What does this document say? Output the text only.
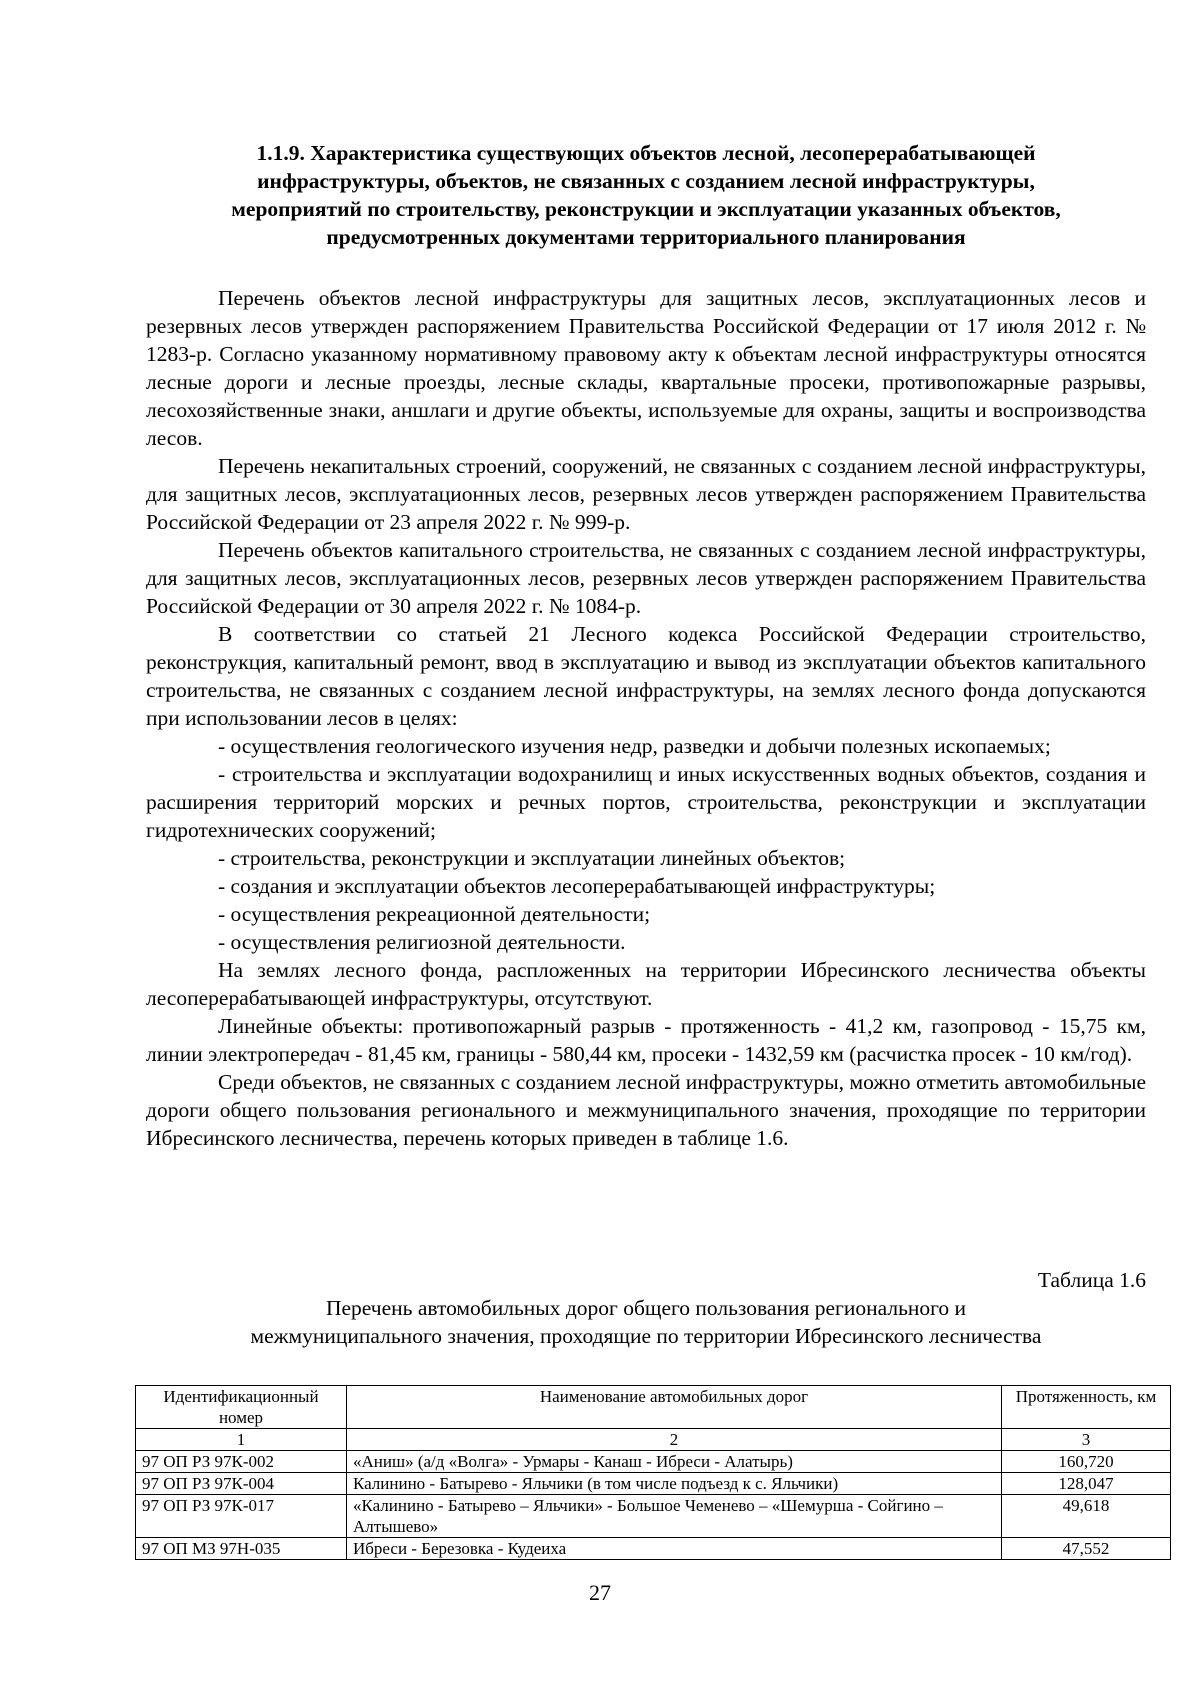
1.1.9. Характеристика существующих объектов лесной, лесоперерабатывающей

инфраструктуры, объектов, не связанных с созданием лесной инфраструктуры,

мероприятий по строительству, реконструкции и эксплуатации указанных объектов,

предусмотренных документами территориального планирования

Перечень объектов лесной инфраструктуры для защитных лесов, эксплуатационных лесов и резервных лесов утвержден распоряжением Правительства Российской Федерации от 17 июля 2012 г. № 1283-р. Согласно указанному нормативному правовому акту к объектам лесной инфраструктуры относятся лесные дороги и лесные проезды, лесные склады, квартальные просеки, противопожарные разрывы, лесохозяйственные знаки, аншлаги и другие объекты, используемые для охраны, защиты и воспроизводства лесов.

Перечень некапитальных строений, сооружений, не связанных с созданием лесной инфраструктуры, для защитных лесов, эксплуатационных лесов, резервных лесов утвержден распоряжением Правительства Российской Федерации от 23 апреля 2022 г. № 999-р.

Перечень объектов капитального строительства, не связанных с созданием лесной инфраструктуры, для защитных лесов, эксплуатационных лесов, резервных лесов утвержден распоряжением Правительства Российской Федерации от 30 апреля 2022 г. № 1084-р.

В соответствии со статьей 21 Лесного кодекса Российской Федерации строительство, реконструкция, капитальный ремонт, ввод в эксплуатацию и вывод из эксплуатации объектов капитального строительства, не связанных с созданием лесной инфраструктуры, на землях лесного фонда допускаются при использовании лесов в целях:

- осуществления геологического изучения недр, разведки и добычи полезных ископаемых;

- строительства и эксплуатации водохранилищ и иных искусственных водных объектов, создания и расширения территорий морских и речных портов, строительства, реконструкции и эксплуатации гидротехнических сооружений;

- строительства, реконструкции и эксплуатации линейных объектов;

- создания и эксплуатации объектов лесоперерабатывающей инфраструктуры;

- осуществления рекреационной деятельности;

- осуществления религиозной деятельности.

На землях лесного фонда, распложенных на территории Ибресинского лесничества объекты лесоперерабатывающей инфраструктуры, отсутствуют.

Линейные объекты: противопожарный разрыв - протяженность - 41,2 км, газопровод - 15,75 км, линии электропередач - 81,45 км, границы - 580,44 км, просеки - 1432,59 км (расчистка просек - 10 км/год).

Среди объектов, не связанных с созданием лесной инфраструктуры, можно отметить автомобильные дороги общего пользования регионального и межмуниципального значения, проходящие по территории Ибресинского лесничества, перечень которых приведен в таблице 1.6.

Таблица 1.6

Перечень автомобильных дорог общего пользования регионального и

межмуниципального значения, проходящие по территории Ибресинского лесничества

Идентификационный номер	Наименование автомобильных дорог	Протяженность, км
1	2	3
97 ОП РЗ 97К-002	«Аниш» (а/д «Волга» - Урмары - Канаш - Ибреси - Алатырь)	160,720
97 ОП РЗ 97К-004	Калинино - Батырево - Яльчики (в том числе подъезд к с. Яльчики)	128,047
97 ОП РЗ 97К-017	«Калинино - Батырево – Яльчики» - Большое Чеменево – «Шемурша - Сойгино – Алтышево»	49,618
97 ОП МЗ 97Н-035	Ибреси - Березовка - Кудеиха	47,552
27
